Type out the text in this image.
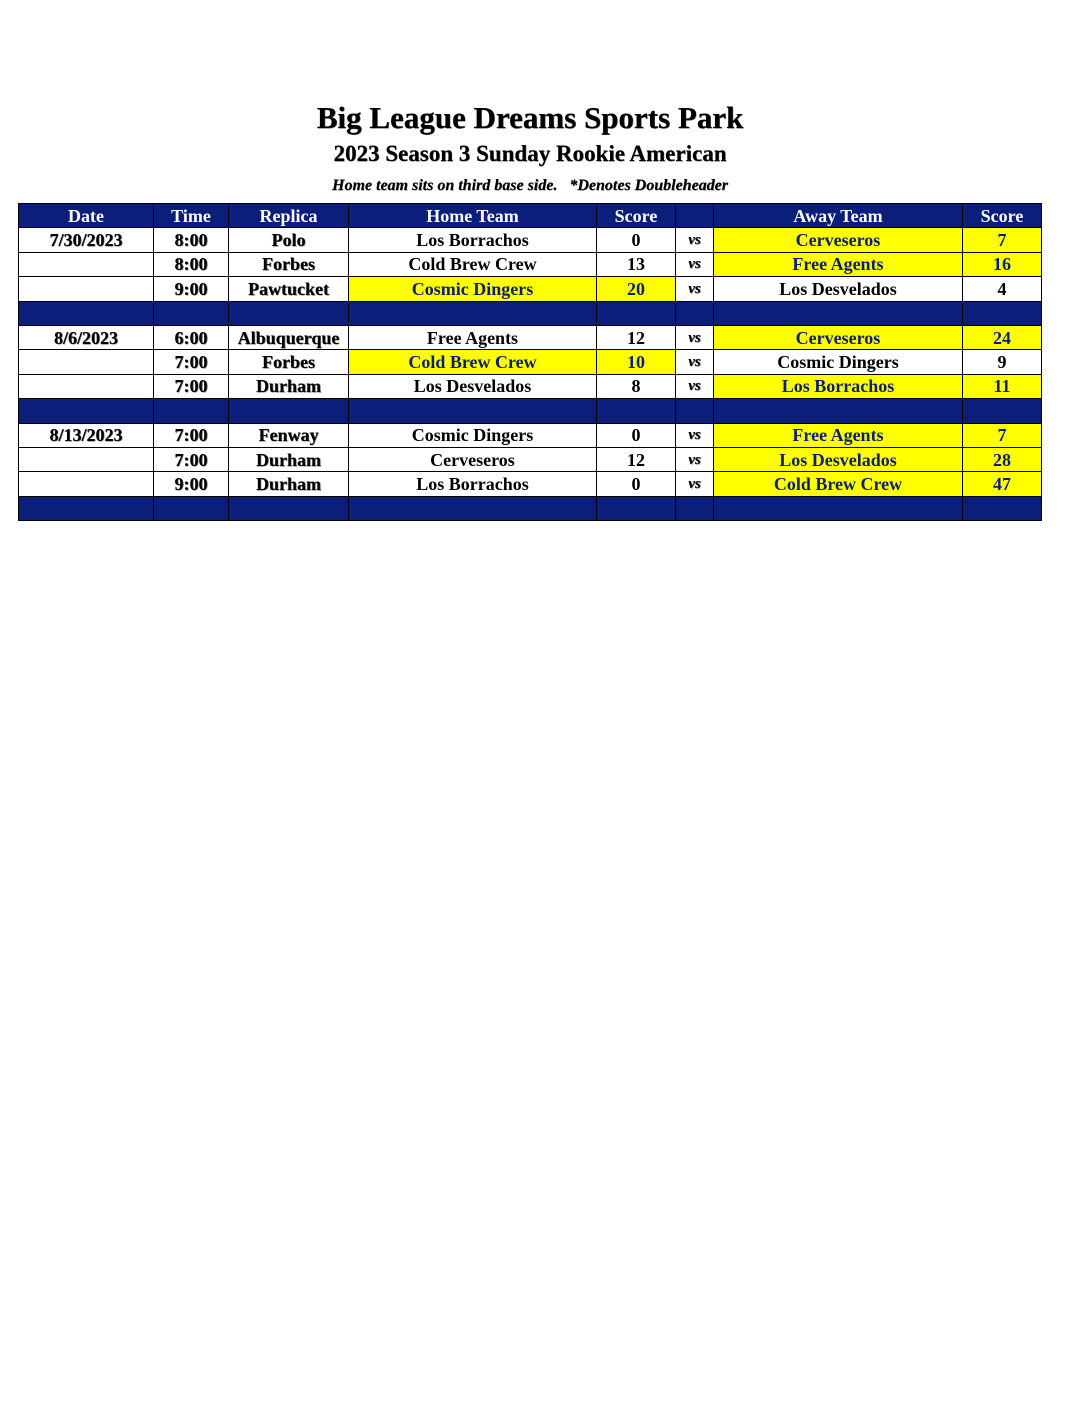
Big League Dreams Sports Park
2023 Season 3 Sunday Rookie American
Home team sits on third base side. *Denotes Doubleheader
Date	Time	Replica	Home Team	Score		Away Team	Score
7/30/2023	8:00	Polo	Los Borrachos	0	vs	Cerveseros	7
	8:00	Forbes	Cold Brew Crew	13	vs	Free Agents	16
	9:00	Pawtucket	Cosmic Dingers	20	vs	Los Desvelados	4

8/6/2023	6:00	Albuquerque	Free Agents	12	vs	Cerveseros	24
	7:00	Forbes	Cold Brew Crew	10	vs	Cosmic Dingers	9
	7:00	Durham	Los Desvelados	8	vs	Los Borrachos	11

8/13/2023	7:00	Fenway	Cosmic Dingers	0	vs	Free Agents	7
	7:00	Durham	Cerveseros	12	vs	Los Desvelados	28
	9:00	Durham	Los Borrachos	0	vs	Cold Brew Crew	47
